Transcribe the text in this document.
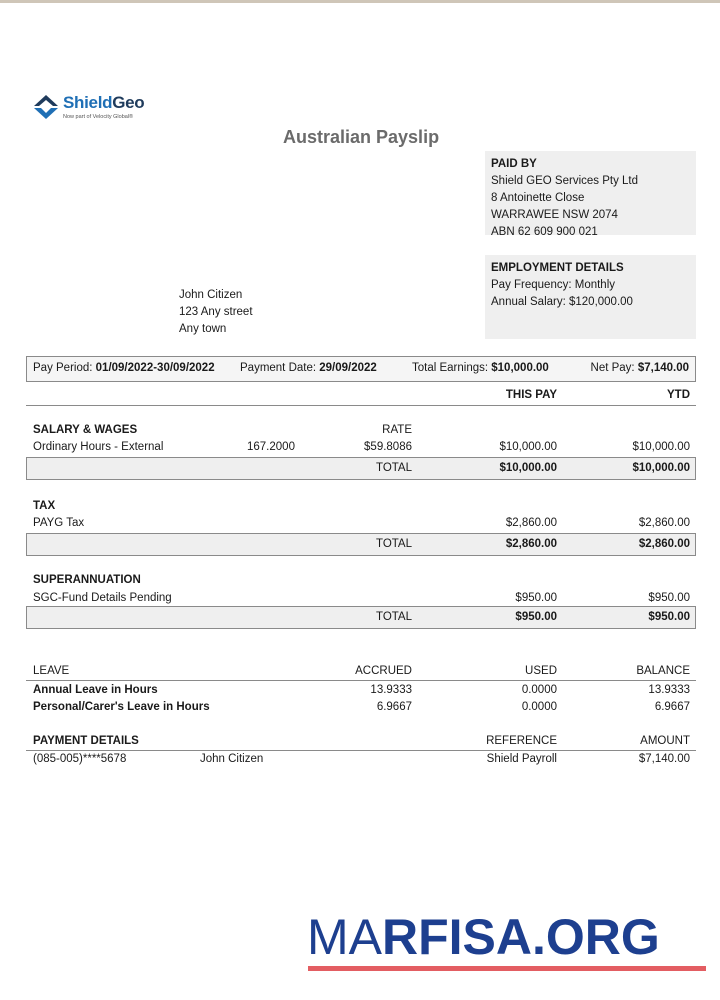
ShieldGeo
Now part of Velocity Global®
Australian Payslip
PAID BY
Shield GEO Services Pty Ltd
8 Antoinette Close
WARRAWEE NSW 2074
ABN 62 609 900 021
EMPLOYMENT DETAILS
Pay Frequency: Monthly
Annual Salary: $120,000.00
John Citizen
123 Any street
Any town
Pay Period: 01/09/2022-30/09/2022 Payment Date: 29/09/2022	Total Earnings: $10,000.00	Net Pay: $7,140.00
THIS PAY	YTD
SALARY & WAGES	RATE
Ordinary Hours - External	167.2000	$59.8086	$10,000.00	$10,000.00
TOTAL	$10,000.00	$10,000.00
TAX
PAYG Tax	$2,860.00	$2,860.00
TOTAL	$2,860.00	$2,860.00
SUPERANNUATION
SGC-Fund Details Pending	$950.00	$950.00
TOTAL	$950.00	$950.00
LEAVE	ACCRUED	USED	BALANCE
Annual Leave in Hours	13.9333	0.0000	13.9333
Personal/Carer's Leave in Hours	6.9667	0.0000	6.9667
PAYMENT DETAILS	REFERENCE	AMOUNT
(085-005)****5678	John Citizen	Shield Payroll	$7,140.00
MARFISA.ORG
